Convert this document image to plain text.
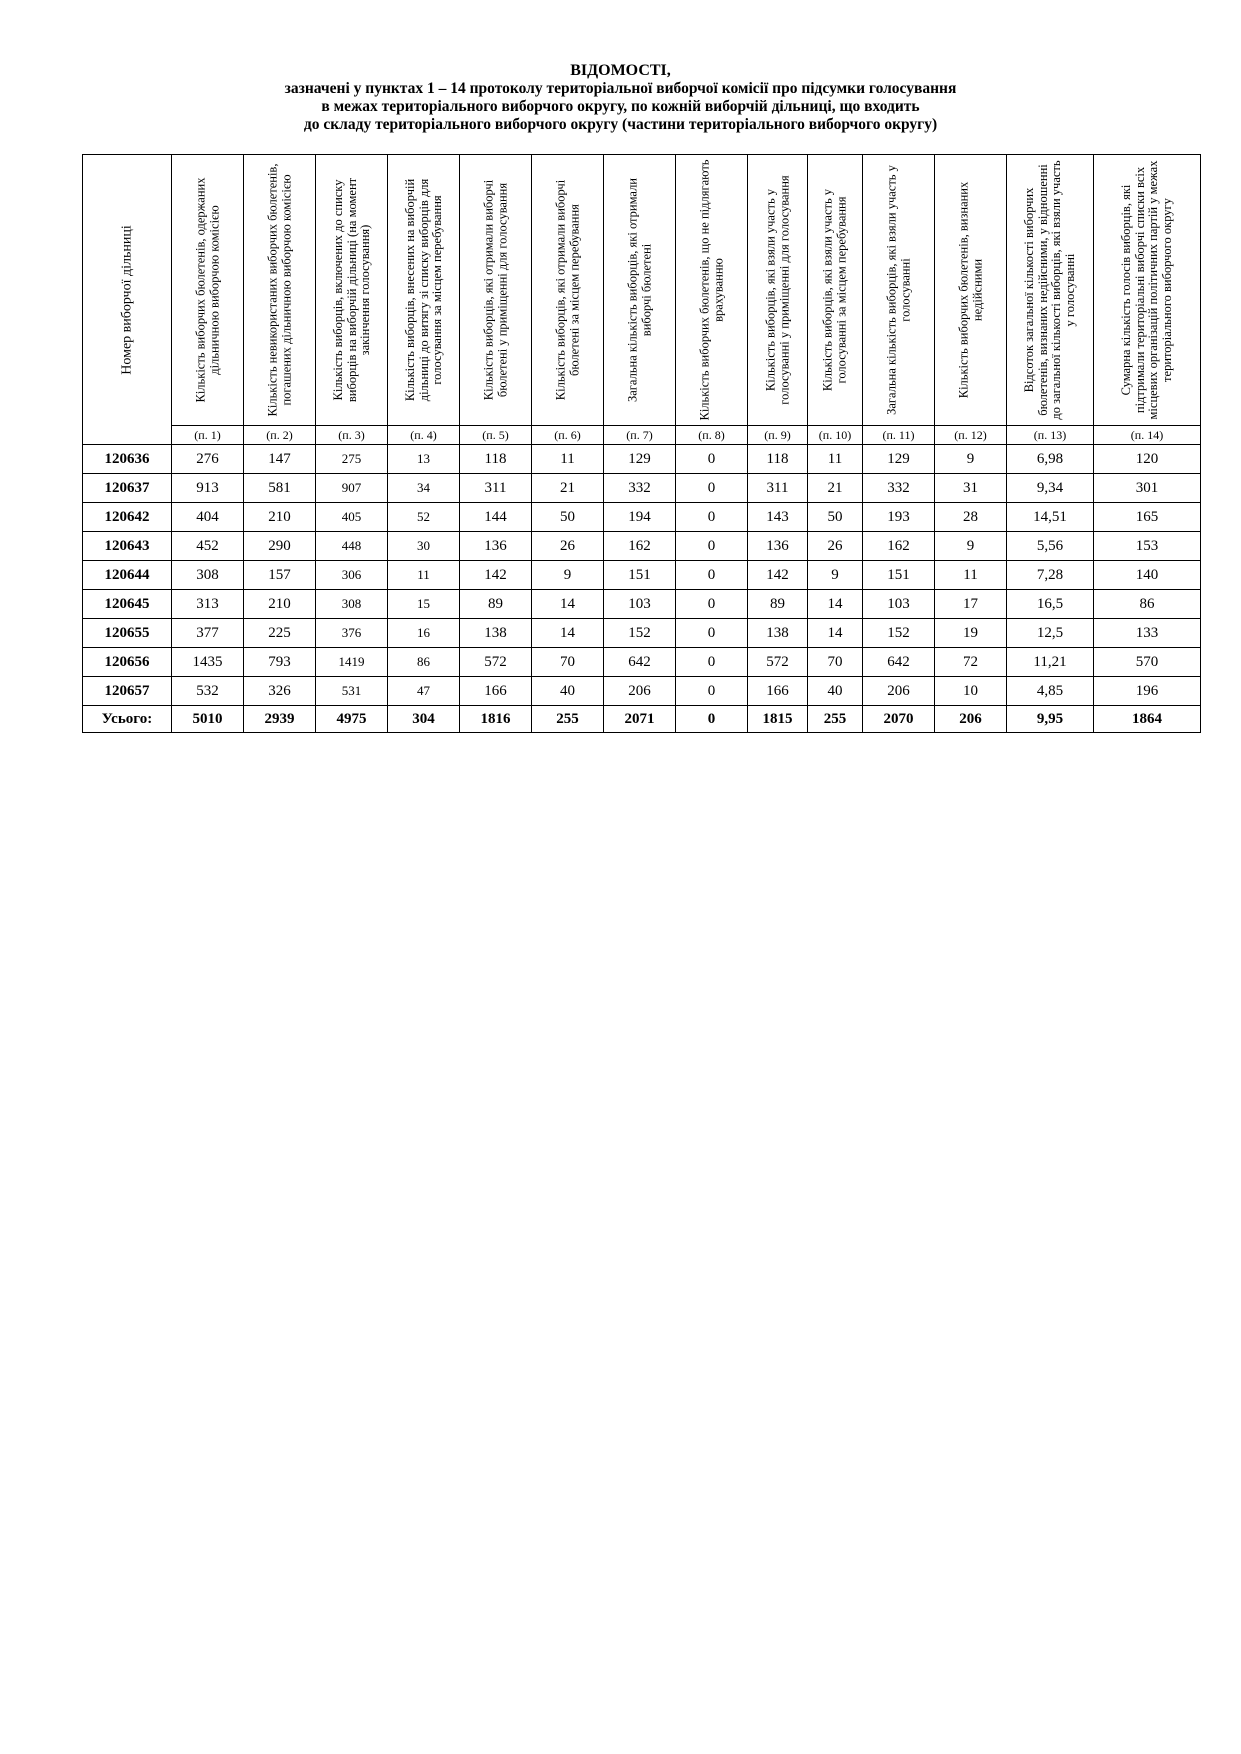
ВІДОМОСТІ,
зазначені у пунктах 1 – 14 протоколу територіальної виборчої комісії про підсумки голосування
в межах територіального виборчого округу, по кожній виборчій дільниці, що входить
до складу територіального виборчого округу (частини територіального виборчого округу)
Номер виборчої дільниці	Кількість виборчих бюлетенів, одержаних дільничною виборчою комісією	Кількість невикористаних виборчих бюлетенів, погашених дільничною виборчою комісією	Кількість виборців, включених до списку виборців на виборчій дільниці (на момент закінчення голосування)	Кількість виборців, внесених на виборчій дільниці до витягу зі списку виборців для голосування за місцем перебування	Кількість виборців, які отримали виборчі бюлетені у приміщенні для голосування	Кількість виборців, які отримали виборчі бюлетені за місцем перебування	Загальна кількість виборців, які отримали виборчі бюлетені	Кількість виборчих бюлетенів, що не підлягають врахуванню	Кількість виборців, які взяли участь у голосуванні у приміщенні для голосування	Кількість виборців, які взяли участь у голосуванні за місцем перебування	Загальна кількість виборців, які взяли участь у голосуванні	Кількість виборчих бюлетенів, визнаних недійсними	Відсоток загальної кількості виборчих бюлетенів, визнаних недійсними, у відношенні до загальної кількості виборців, які взяли участь у голосуванні	Сумарна кількість голосів виборців, які підтримали територіальні виборчі списки всіх місцевих організацій політичних партій у межах територіального виборчого округу

	(п. 1)	(п. 2)	(п. 3)	(п. 4)	(п. 5)	(п. 6)	(п. 7)	(п. 8)	(п. 9)	(п. 10)	(п. 11)	(п. 12)	(п. 13)	(п. 14)
120636	276	147	275	13	118	11	129	0	118	11	129	9	6,98	120
120637	913	581	907	34	311	21	332	0	311	21	332	31	9,34	301
120642	404	210	405	52	144	50	194	0	143	50	193	28	14,51	165
120643	452	290	448	30	136	26	162	0	136	26	162	9	5,56	153
120644	308	157	306	11	142	9	151	0	142	9	151	11	7,28	140
120645	313	210	308	15	89	14	103	0	89	14	103	17	16,5	86
120655	377	225	376	16	138	14	152	0	138	14	152	19	12,5	133
120656	1435	793	1419	86	572	70	642	0	572	70	642	72	11,21	570
120657	532	326	531	47	166	40	206	0	166	40	206	10	4,85	196
Усього:	5010	2939	4975	304	1816	255	2071	0	1815	255	2070	206	9,95	1864
